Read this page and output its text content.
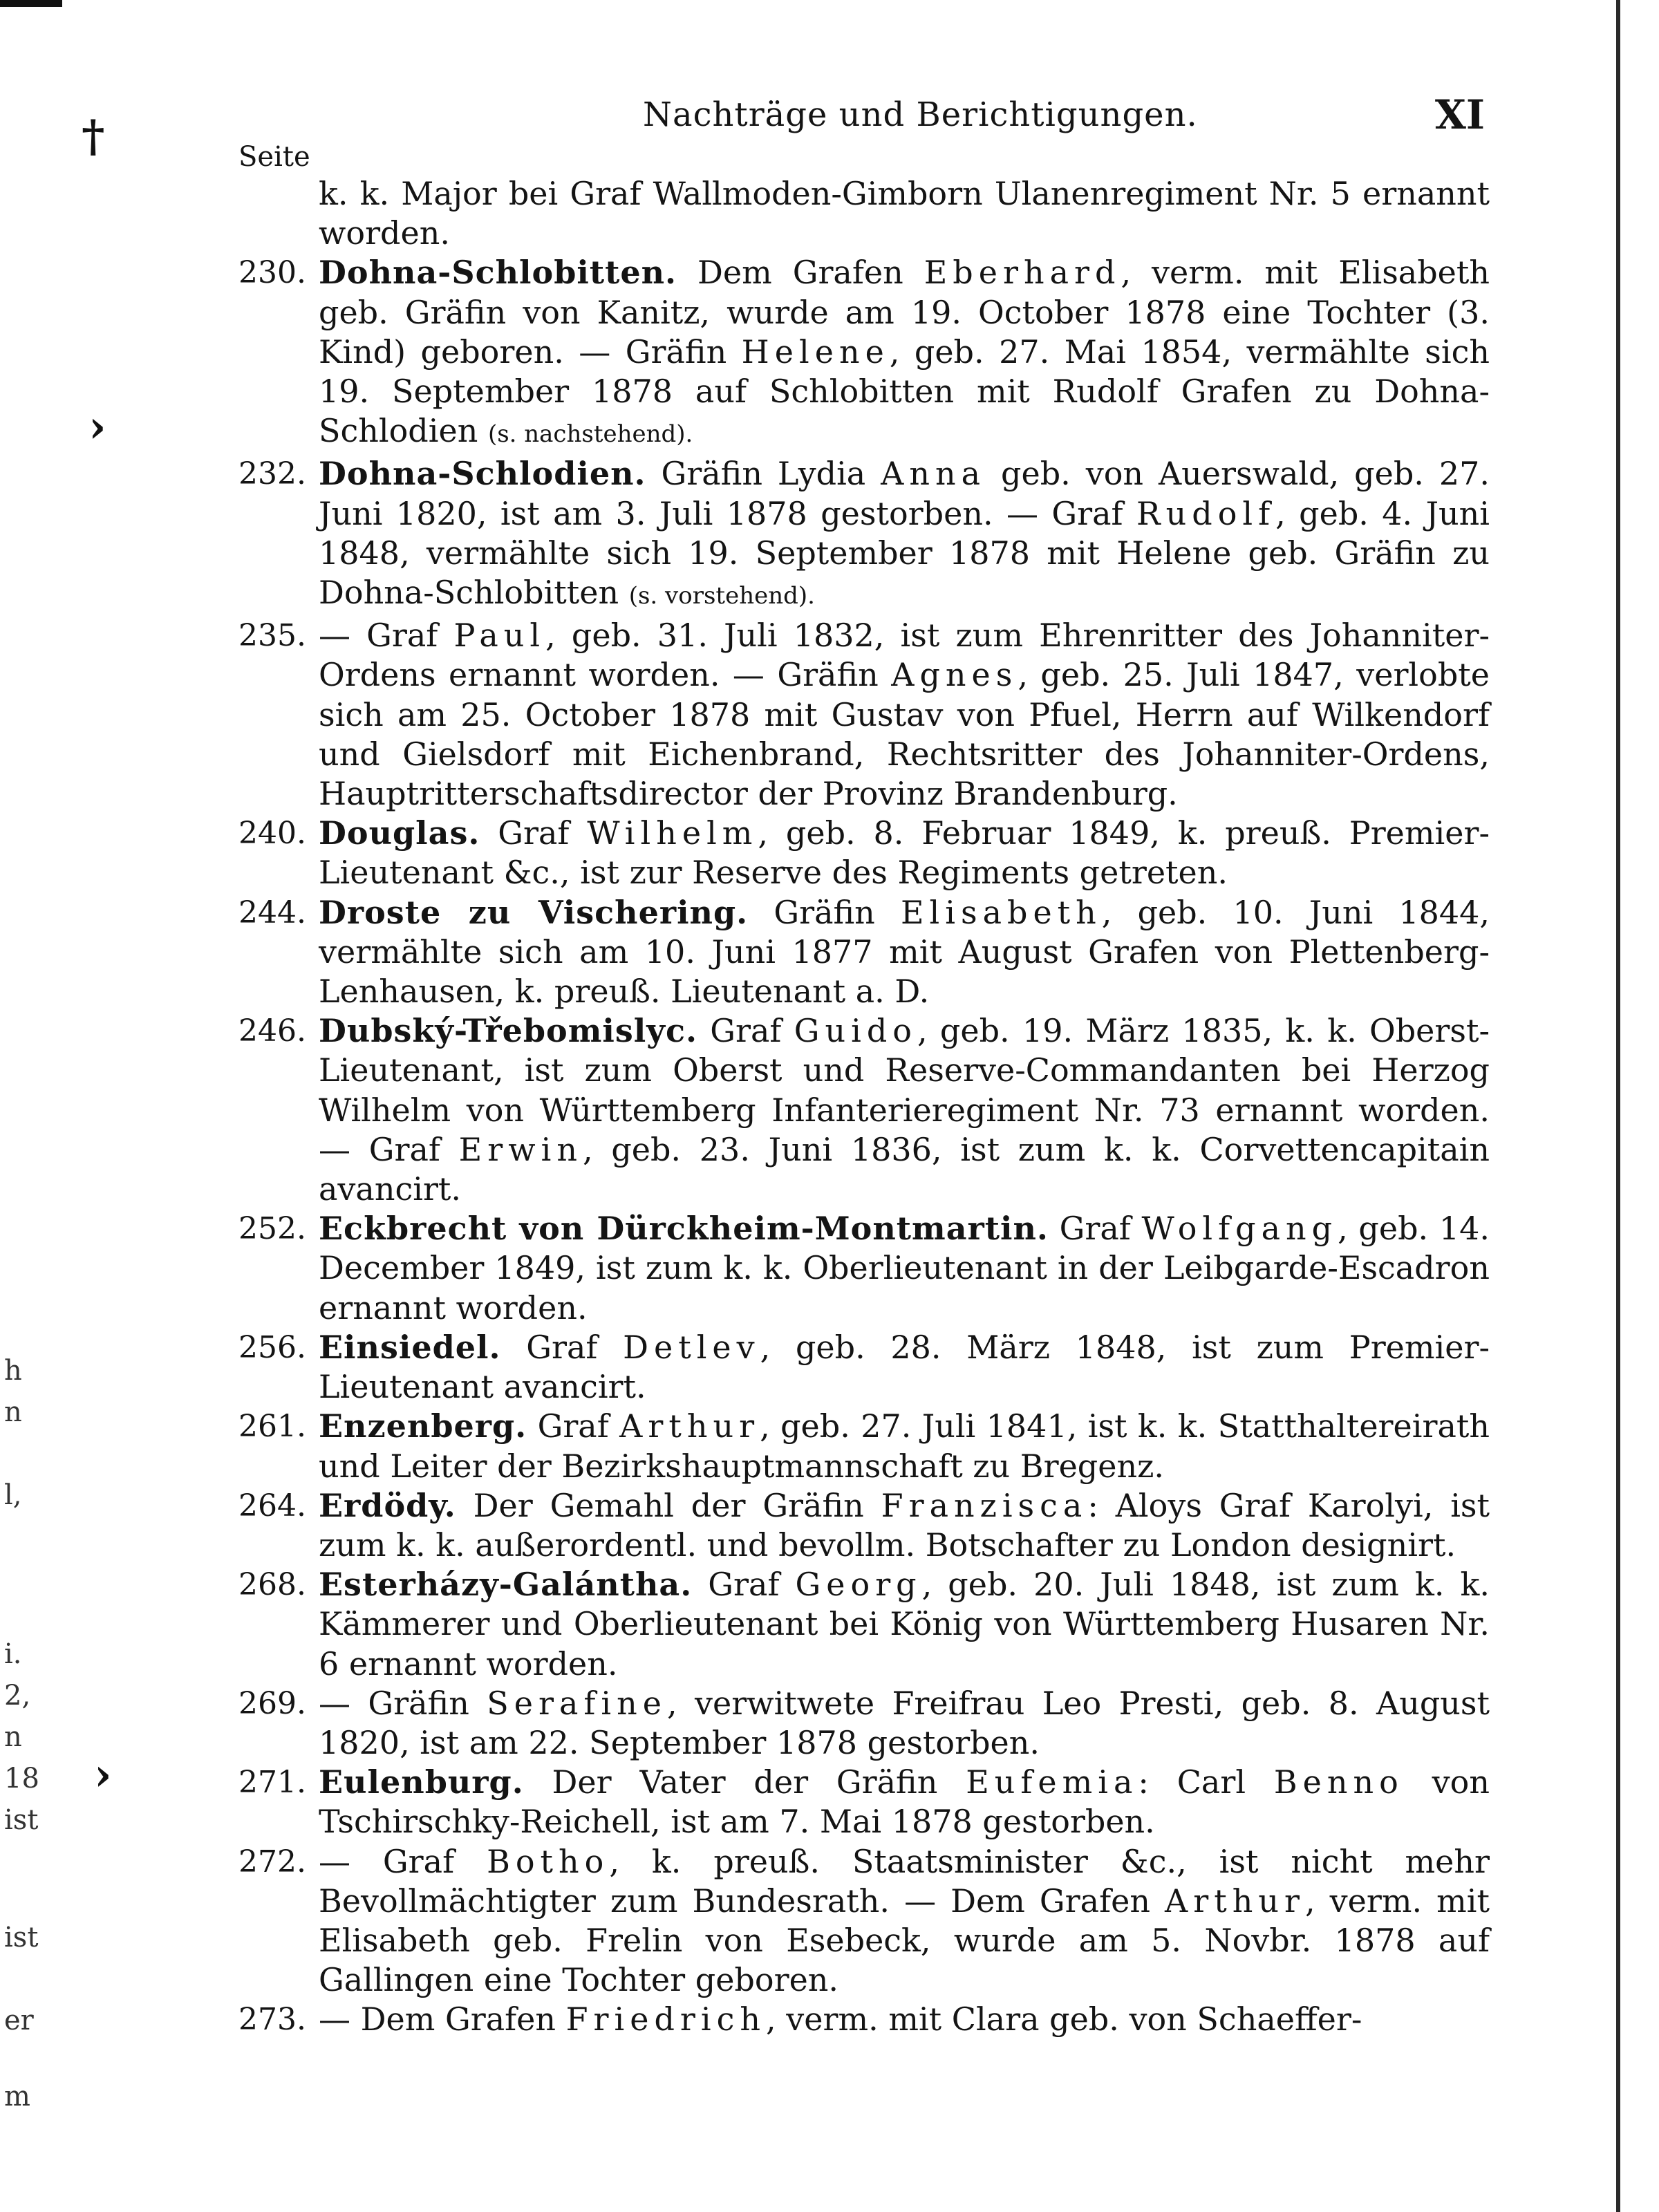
h
n
l,
i.
2,
n
18
ist
ist
er
m
†
›
›
Nachträge und Berichtigungen.	XI
Seite

k. k. Major bei Graf Wallmoden-Gimborn Ulanenregiment Nr. 5 ernannt worden.

230. Dohna-Schlobitten. Dem Grafen Eberhard, verm. mit Elisabeth geb. Gräfin von Kanitz, wurde am 19. October 1878 eine Tochter (3. Kind) geboren. — Gräfin Helene, geb. 27. Mai 1854, vermählte sich 19. September 1878 auf Schlobitten mit Rudolf Grafen zu Dohna-Schlodien (s. nachstehend).

232. Dohna-Schlodien. Gräfin Lydia Anna geb. von Auerswald, geb. 27. Juni 1820, ist am 3. Juli 1878 gestorben. — Graf Rudolf, geb. 4. Juni 1848, vermählte sich 19. September 1878 mit Helene geb. Gräfin zu Dohna-Schlobitten (s. vorstehend).

235. — Graf Paul, geb. 31. Juli 1832, ist zum Ehrenritter des Johanniter-Ordens ernannt worden. — Gräfin Agnes, geb. 25. Juli 1847, verlobte sich am 25. October 1878 mit Gustav von Pfuel, Herrn auf Wilkendorf und Gielsdorf mit Eichenbrand, Rechtsritter des Johanniter-Ordens, Hauptritterschaftsdirector der Provinz Brandenburg.

240. Douglas. Graf Wilhelm, geb. 8. Februar 1849, k. preuß. Premier-Lieutenant &c., ist zur Reserve des Regiments getreten.

244. Droste zu Vischering. Gräfin Elisabeth, geb. 10. Juni 1844, vermählte sich am 10. Juni 1877 mit August Grafen von Plettenberg-Lenhausen, k. preuß. Lieutenant a. D.

246. Dubský-Třebomislyc. Graf Guido, geb. 19. März 1835, k. k. Oberst-Lieutenant, ist zum Oberst und Reserve-Commandanten bei Herzog Wilhelm von Württemberg Infanterieregiment Nr. 73 ernannt worden. — Graf Erwin, geb. 23. Juni 1836, ist zum k. k. Corvettencapitain avancirt.

252. Eckbrecht von Dürckheim-Montmartin. Graf Wolfgang, geb. 14. December 1849, ist zum k. k. Oberlieutenant in der Leibgarde-Escadron ernannt worden.

256. Einsiedel. Graf Detlev, geb. 28. März 1848, ist zum Premier-Lieutenant avancirt.

261. Enzenberg. Graf Arthur, geb. 27. Juli 1841, ist k. k. Statthaltereirath und Leiter der Bezirkshauptmannschaft zu Bregenz.

264. Erdödy. Der Gemahl der Gräfin Franzisca: Aloys Graf Karolyi, ist zum k. k. außerordentl. und bevollm. Botschafter zu London designirt.

268. Esterházy-Galántha. Graf Georg, geb. 20. Juli 1848, ist zum k. k. Kämmerer und Oberlieutenant bei König von Württemberg Husaren Nr. 6 ernannt worden.

269. — Gräfin Serafine, verwitwete Freifrau Leo Presti, geb. 8. August 1820, ist am 22. September 1878 gestorben.

271. Eulenburg. Der Vater der Gräfin Eufemia: Carl Benno von Tschirschky-Reichell, ist am 7. Mai 1878 gestorben.

272. — Graf Botho, k. preuß. Staatsminister &c., ist nicht mehr Bevollmächtigter zum Bundesrath. — Dem Grafen Arthur, verm. mit Elisabeth geb. Frelin von Esebeck, wurde am 5. Novbr. 1878 auf Gallingen eine Tochter geboren.

273. — Dem Grafen Friedrich, verm. mit Clara geb. von Schaeffer-
